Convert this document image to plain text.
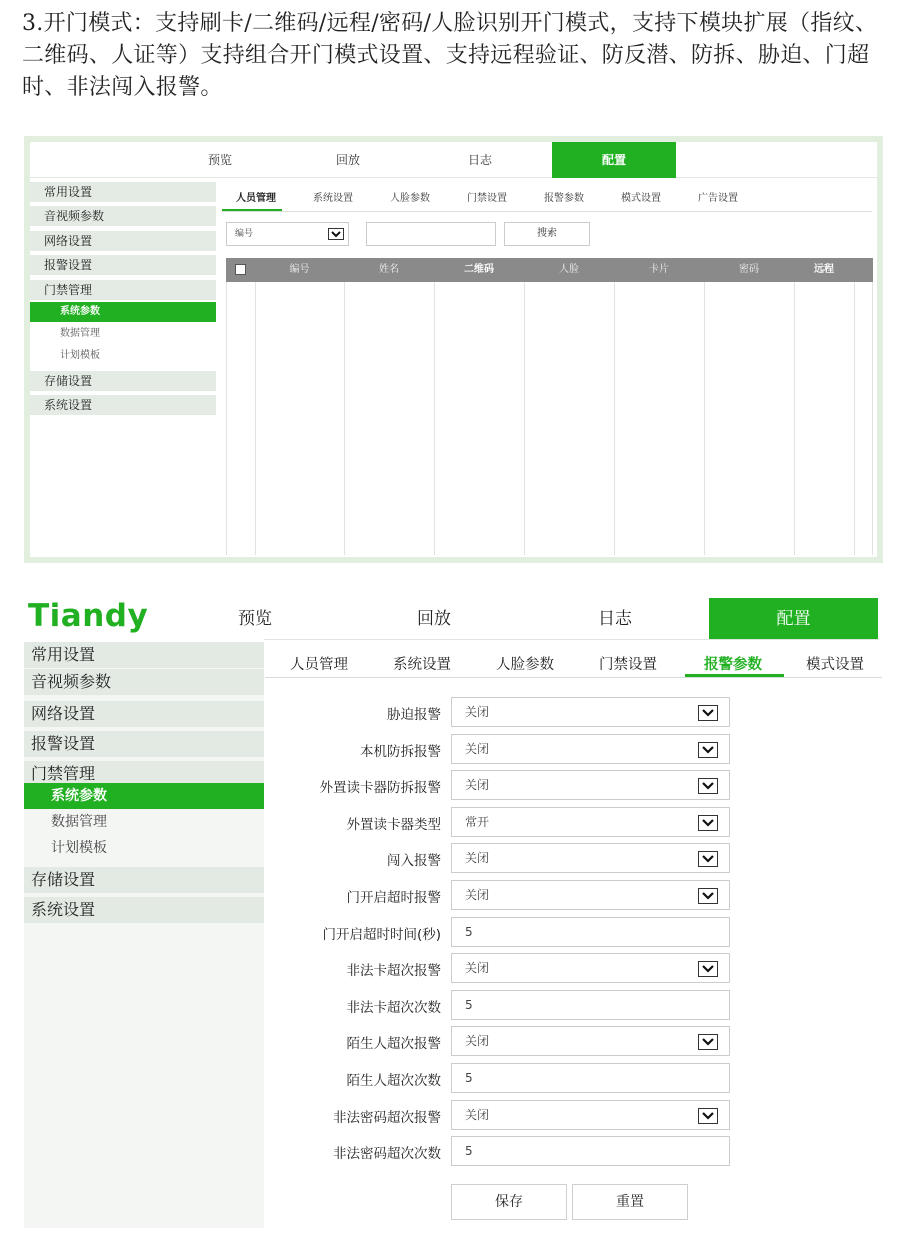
3.开门模式：支持刷卡/二维码/远程/密码/人脸识别开门模式，支持下模块扩展（指纹、二维码、人证等）支持组合开门模式设置、支持远程验证、防反潜、防拆、胁迫、门超时、非法闯入报警。
预览	回放	日志	配置
常用设置
音视频参数
网络设置
报警设置
门禁管理
系统参数
数据管理
计划模板
存储设置
系统设置
人员管理	系统设置	人脸参数	门禁设置	报警参数	模式设置	广告设置
编号	搜索
编号	姓名	二维码	人脸	卡片	密码	远程
Tiandy	预览	回放	日志	配置
常用设置
音视频参数
网络设置
报警设置
门禁管理
系统参数
数据管理
计划模板
存储设置
系统设置
人员管理	系统设置	人脸参数	门禁设置	报警参数	模式设置
胁迫报警	关闭
本机防拆报警	关闭
外置读卡器防拆报警	关闭
外置读卡器类型	常开
闯入报警	关闭
门开启超时报警	关闭
门开启超时时间(秒)	5
非法卡超次报警	关闭
非法卡超次次数	5
陌生人超次报警	关闭
陌生人超次次数	5
非法密码超次报警	关闭
非法密码超次次数	5
保存	重置
